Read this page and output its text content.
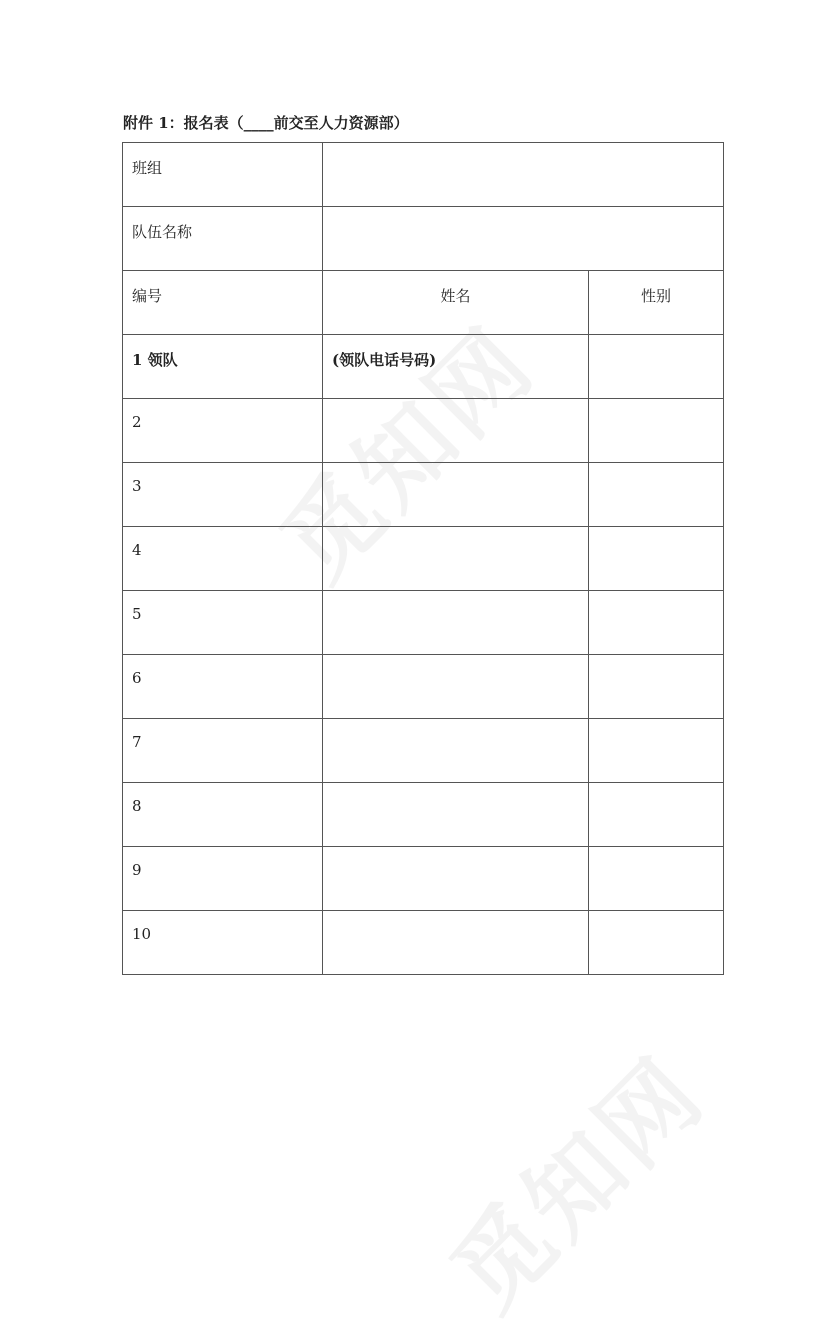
附件 1：报名表（____前交至人力资源部）
班组		
队伍名称		
编号	姓名	性别
1 领队	(领队电话号码)	
2		
3		
4		
5		
6		
7		
8		
9		
10		
